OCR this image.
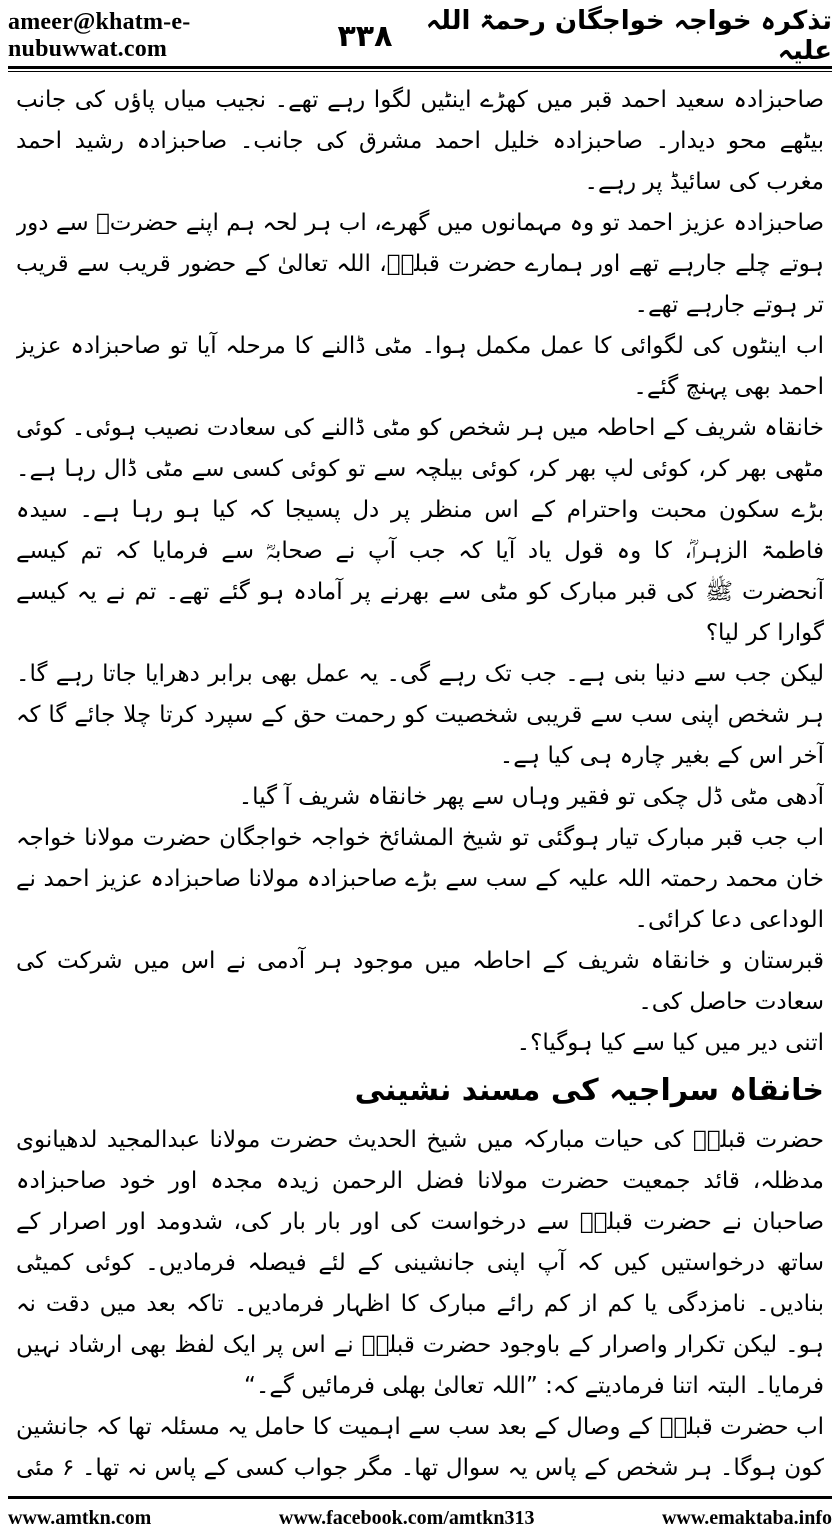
ameer@khatm-e-nubuwwat.com	۳۳۸	تذکرہ خواجہ خواجگان رحمۃ اللہ علیہ

صاحبزادہ سعید احمد قبر میں کھڑے اینٹیں لگوا رہے تھے۔ نجیب میاں پاؤں کی جانب بیٹھے محو دیدار۔ صاحبزادہ خلیل احمد مشرق کی جانب۔ صاحبزادہ رشید احمد مغرب کی سائیڈ پر رہے۔

صاحبزادہ عزیز احمد تو وہ مہمانوں میں گھرے، اب ہر لحہ ہم اپنے حضرتؒ سے دور ہوتے چلے جارہے تھے اور ہمارے حضرت قبلہؒ، اللہ تعالیٰ کے حضور قریب سے قریب تر ہوتے جارہے تھے۔

اب اینٹوں کی لگوائی کا عمل مکمل ہوا۔ مٹی ڈالنے کا مرحلہ آیا تو صاحبزادہ عزیز احمد بھی پہنچ گئے۔

خانقاہ شریف کے احاطہ میں ہر شخص کو مٹی ڈالنے کی سعادت نصیب ہوئی۔ کوئی مٹھی بھر کر، کوئی لپ بھر کر، کوئی بیلچہ سے تو کوئی کسی سے مٹی ڈال رہا ہے۔ بڑے سکون محبت واحترام کے اس منظر پر دل پسیجا کہ کیا ہو رہا ہے۔ سیدہ فاطمۃ الزہراؓ، کا وہ قول یاد آیا کہ جب آپ نے صحابہؓ سے فرمایا کہ تم کیسے آنحضرت ﷺ کی قبر مبارک کو مٹی سے بھرنے پر آمادہ ہو گئے تھے۔ تم نے یہ کیسے گوارا کر لیا؟

لیکن جب سے دنیا بنی ہے۔ جب تک رہے گی۔ یہ عمل بھی برابر دھرایا جاتا رہے گا۔ ہر شخص اپنی سب سے قریبی شخصیت کو رحمت حق کے سپرد کرتا چلا جائے گا کہ آخر اس کے بغیر چارہ ہی کیا ہے۔

آدھی مٹی ڈل چکی تو فقیر وہاں سے پھر خانقاہ شریف آ گیا۔

اب جب قبر مبارک تیار ہوگئی تو شیخ المشائخ خواجہ خواجگان حضرت مولانا خواجہ خان محمد رحمتہ اللہ علیہ کے سب سے بڑے صاحبزادہ مولانا صاحبزادہ عزیز احمد نے الوداعی دعا کرائی۔

قبرستان و خانقاہ شریف کے احاطہ میں موجود ہر آدمی نے اس میں شرکت کی سعادت حاصل کی۔

اتنی دیر میں کیا سے کیا ہوگیا؟۔

خانقاہ سراجیہ کی مسند نشینی

حضرت قبلہؒ کی حیات مبارکہ میں شیخ الحدیث حضرت مولانا عبدالمجید لدھیانوی مدظلہ، قائد جمعیت حضرت مولانا فضل الرحمن زیدہ مجدہ اور خود صاحبزادہ صاحبان نے حضرت قبلہؒ سے درخواست کی اور بار بار کی، شدومد اور اصرار کے ساتھ درخواستیں کیں کہ آپ اپنی جانشینی کے لئے فیصلہ فرمادیں۔ کوئی کمیٹی بنادیں۔ نامزدگی یا کم از کم رائے مبارک کا اظہار فرمادیں۔ تاکہ بعد میں دقت نہ ہو۔ لیکن تکرار واصرار کے باوجود حضرت قبلہؒ نے اس پر ایک لفظ بھی ارشاد نہیں فرمایا۔ البتہ اتنا فرمادیتے کہ: ”اللہ تعالیٰ بھلی فرمائیں گے۔“

اب حضرت قبلہؒ کے وصال کے بعد سب سے اہمیت کا حامل یہ مسئلہ تھا کہ جانشین کون ہوگا۔ ہر شخص کے پاس یہ سوال تھا۔ مگر جواب کسی کے پاس نہ تھا۔ ۶ مئی

www.amtkn.com	www.facebook.com/amtkn313	www.emaktaba.info
